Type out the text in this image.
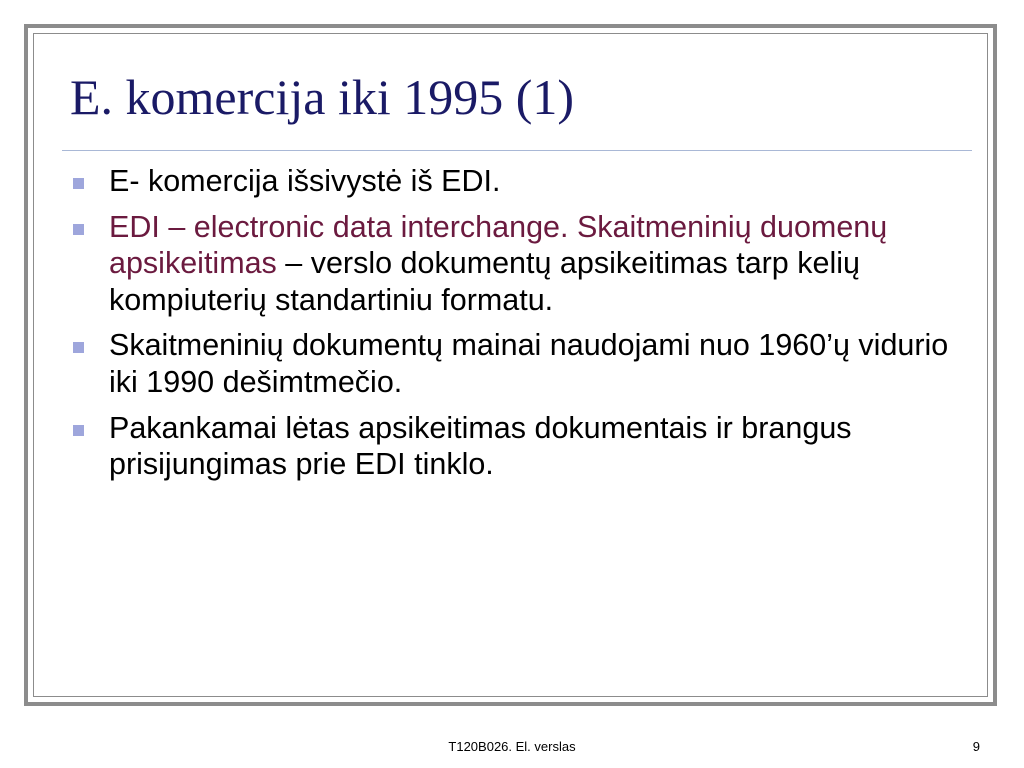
E. komercija iki 1995 (1)
E- komercija išsivystė iš EDI.
EDI – electronic data interchange. Skaitmeninių duomenų apsikeitimas – verslo dokumentų apsikeitimas tarp kelių kompiuterių standartiniu formatu.
Skaitmeninių dokumentų mainai naudojami nuo 1960’ų vidurio iki 1990 dešimtmečio.
Pakankamai lėtas apsikeitimas dokumentais ir brangus prisijungimas prie EDI tinklo.
T120B026. El. verslas	9
